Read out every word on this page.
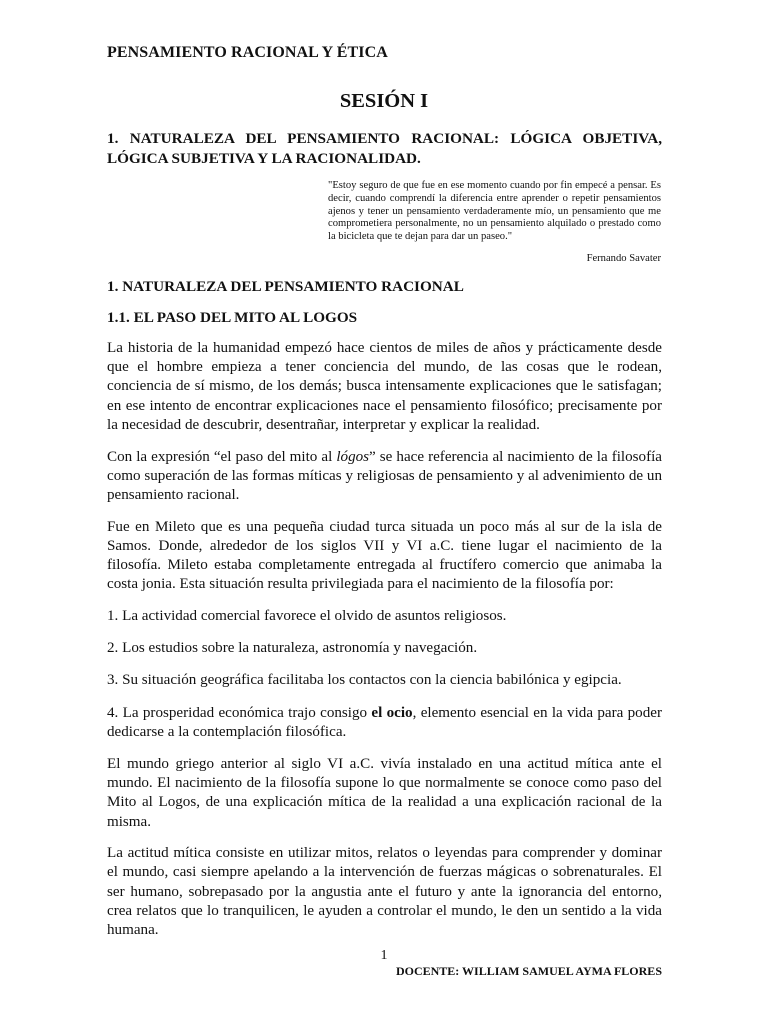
PENSAMIENTO RACIONAL Y ÉTICA
SESIÓN I
1. NATURALEZA DEL PENSAMIENTO RACIONAL: LÓGICA OBJETIVA, LÓGICA SUBJETIVA Y LA RACIONALIDAD.
"Estoy seguro de que fue en ese momento cuando por fin empecé a pensar. Es decir, cuando comprendí la diferencia entre aprender o repetir pensamientos ajenos y tener un pensamiento verdaderamente mío, un pensamiento que me comprometiera personalmente, no un pensamiento alquilado o prestado como la bicicleta que te dejan para dar un paseo."
Fernando Savater
1. NATURALEZA DEL PENSAMIENTO RACIONAL
1.1. EL PASO DEL MITO AL LOGOS

La historia de la humanidad empezó hace cientos de miles de años y prácticamente desde que el hombre empieza a tener conciencia del mundo, de las cosas que le rodean, conciencia de sí mismo, de los demás; busca intensamente explicaciones que le satisfagan; en ese intento de encontrar explicaciones nace el pensamiento filosófico; precisamente por la necesidad de descubrir, desentrañar, interpretar y explicar la realidad.

Con la expresión “el paso del mito al lógos” se hace referencia al nacimiento de la filosofía como superación de las formas míticas y religiosas de pensamiento y al advenimiento de un pensamiento racional.

Fue en Mileto que es una pequeña ciudad turca situada un poco más al sur de la isla de Samos. Donde, alrededor de los siglos VII y VI a.C. tiene lugar el nacimiento de la filosofía. Mileto estaba completamente entregada al fructífero comercio que animaba la costa jonia. Esta situación resulta privilegiada para el nacimiento de la filosofía por:

1. La actividad comercial favorece el olvido de asuntos religiosos.

2. Los estudios sobre la naturaleza, astronomía y navegación.

3. Su situación geográfica facilitaba los contactos con la ciencia babilónica y egipcia.

4. La prosperidad económica trajo consigo el ocio, elemento esencial en la vida para poder dedicarse a la contemplación filosófica.

El mundo griego anterior al siglo VI a.C. vivía instalado en una actitud mítica ante el mundo. El nacimiento de la filosofía supone lo que normalmente se conoce como paso del Mito al Logos, de una explicación mítica de la realidad a una explicación racional de la misma.

La actitud mítica consiste en utilizar mitos, relatos o leyendas para comprender y dominar el mundo, casi siempre apelando a la intervención de fuerzas mágicas o sobrenaturales. El ser humano, sobrepasado por la angustia ante el futuro y ante la ignorancia del entorno, crea relatos que lo tranquilicen, le ayuden a controlar el mundo, le den un sentido a la vida humana.

1
DOCENTE: WILLIAM SAMUEL AYMA FLORES
